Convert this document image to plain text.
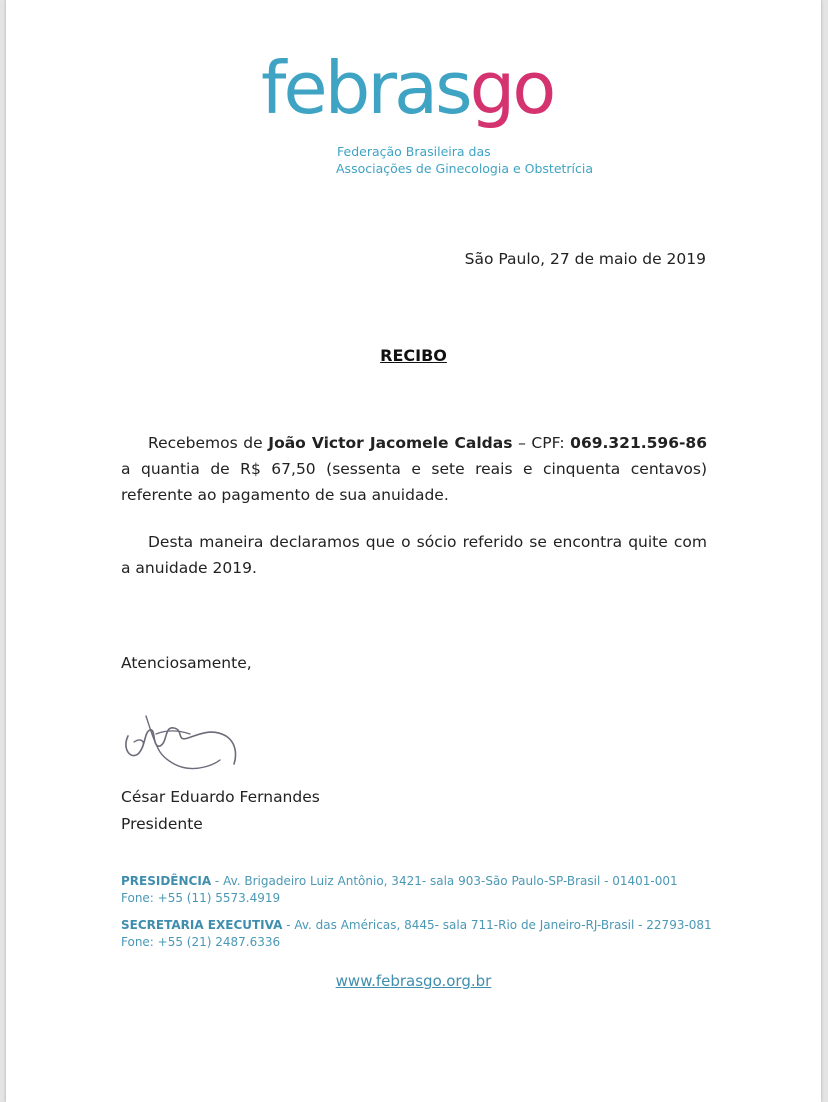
febrasgo
Federação Brasileira das
Associações de Ginecologia e Obstetrícia
São Paulo, 27 de maio de 2019
RECIBO
Recebemos de João Victor Jacomele Caldas – CPF: 069.321.596-86 a quantia de R$ 67,50 (sessenta e sete reais e cinquenta centavos) referente ao pagamento de sua anuidade.
Desta maneira declaramos que o sócio referido se encontra quite com a anuidade 2019.
Atenciosamente,
César Eduardo Fernandes
Presidente
PRESIDÊNCIA - Av. Brigadeiro Luiz Antônio, 3421- sala 903-São Paulo-SP-Brasil - 01401-001
Fone: +55 (11) 5573.4919
SECRETARIA EXECUTIVA - Av. das Américas, 8445- sala 711-Rio de Janeiro-RJ-Brasil - 22793-081
Fone: +55 (21) 2487.6336
www.febrasgo.org.br
